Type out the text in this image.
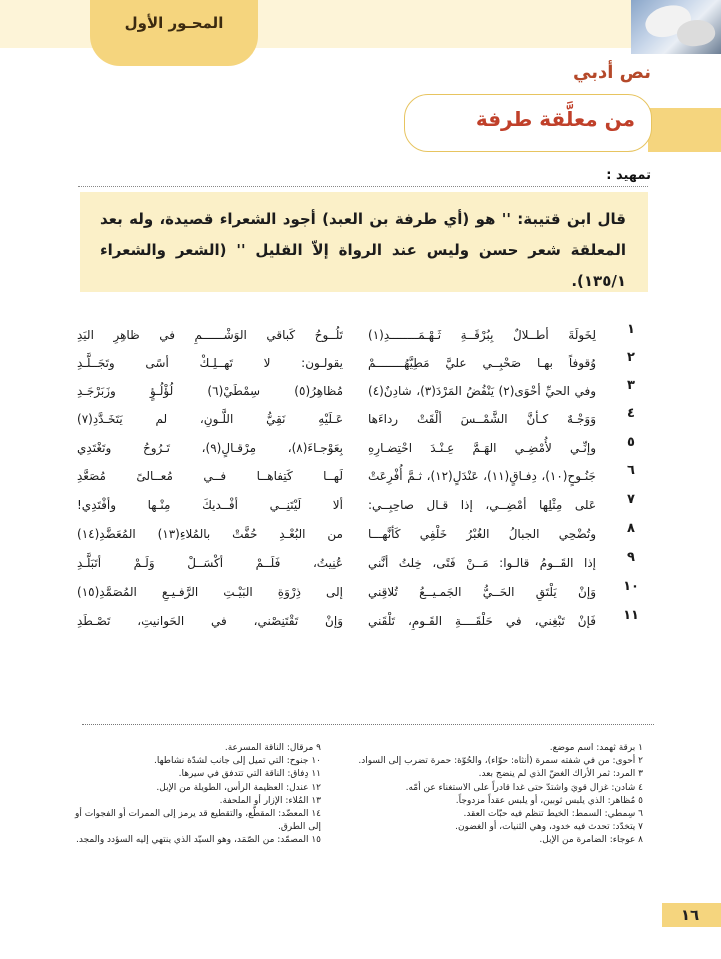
المحـور الأول
نص أدبي
من معلَّقة طرفة
تمهيد :

قال ابن قتيبة: '' هو (أي طرفة بن العبد) أجود الشعراء قصيدة، وله بعد المعلقة شعر حسن وليس عند الرواة إلاّ القليل '' (الشعر والشعراء ١٣٥/١).

١
لِخَولَةَ أطــلالٌ بِبُرْقَــةِ ثَـهْـمَــــــــدِ(١)
تَلُــوحُ كَباقي الوَشْــــــمِ في ظاهِرِ اليَدِ
٢
وُقوفاً بهـا صَحْبِــي عليَّ مَطِيَّهُــــــــمْ
يقولـون: لا تَهــلِـكْ أسًى وتَجَــلَّـدِ
٣
وفي الحيِّ أحْوَى(٢) يَنْفُضُ المَرْدَ(٣)، شادِنٌ(٤)
مُظاهِرُ(٥) سِمْطَيْ(٦) لُؤْلُـؤٍ وزَبَرْجَـدِ
٤
وَوَجْـهٌ كـأنَّ الشَّمْــسَ ألْقَتْ رداءَها
عَـلَيْهِ نَقِيُّ اللَّـونِ، لم يَتَخَـدَّدِ(٧)
٥
وإنِّـي لأُمْضِـي الهَـمَّ عِـنْـدَ احْتِضـارِهِ
بِعَوْجـاءَ(٨)، مِرْقـالٍ(٩)، تَـرُوحُ وتَغْتَدِي
٦
جَنُـوحٍ(١٠)، دِفـاقٍ(١١)، عَنْدَلٍ(١٢)، ثـمَّ أُفْرِعَتْ
لَهــا كَتِفاهــا فــي مُعــالىً مُصَعَّدِ
٧
عَلى مِثْلِها أمْضِــي، إذا قـال صاحِبِــي:
ألا لَيْتَنِــي أفْــديكَ مِنْـها وأفْتَدِي!
٨
وتُضْحِي الجبالُ الغُبْرُ خَلْفِي كَأنَّهـــا
من البُعْـدِ حُفَّتْ بالمُلاءِ(١٣) المُعَضَّدِ(١٤)
٩
إذا القَــومُ قالـوا: مَــنْ فَتًى، خِلتُ أنَّني
عُنِيتُ، فَلَــمْ أكْسَــلْ وَلَـمْ أتَبَلَّـدِ
١٠
وَإنْ يَلْتَقِ الحَــيُّ الجَمـيــعُ تُلاقِني
إلى ذِرْوَةِ البَيْـتِ الرَّفـيـعِ المُصَمَّدِ(١٥)
١١
فَإنْ تَبْغِني، في حَلْقَــــةِ القَـومِ، تَلْقَني
وَإنْ تَقْتَنِصْني، في الحَوانيتِ، تَصْـطَدِ

١ برقة ثهمد: اسم موضع.

٢ أحوى: من في شفته سمرة (أنثاه: حوّاء)، والحُوّة: حمرة تضرب إلى السواد.

٣ المرد: ثمر الأراك الغضّ الذي لم ينضج بعد.

٤ شادن: غزال قويَ واشتدّ حتى غدا قادراً على الاستغناء عن أمّه.

٥ مُظاهر: الذي يلبس ثوبين، أو يلبس عقداً مزدوجاً.

٦ سِمطي: السمط: الخيط تنظم فيه حبّات العقد.

٧ يتخدّد: تحدث فيه خدود، وهي الثنيات، أو الغضون.

٨ عوجاء: الضامرة من الإبل.

٩ مرقال: الناقة المسرعة.

١٠ جنوح: التي تميل إلى جانب لشدّة نشاطها.

١١ دِفاق: الناقة التي تتدفق في سيرها.

١٢ عندل: العظيمة الرأس، الطويلة من الإبل.

١٣ المُلاء: الإزار أو الملحفة.

١٤ المعضّد: المقطّع، والتقطيع قد يرمز إلى الممرات أو الفجوات أو إلى الطرق.

١٥ المصمّد: من الصّمَد، وهو السيّد الذي ينتهي إليه السؤدد والمجد.

١٦
